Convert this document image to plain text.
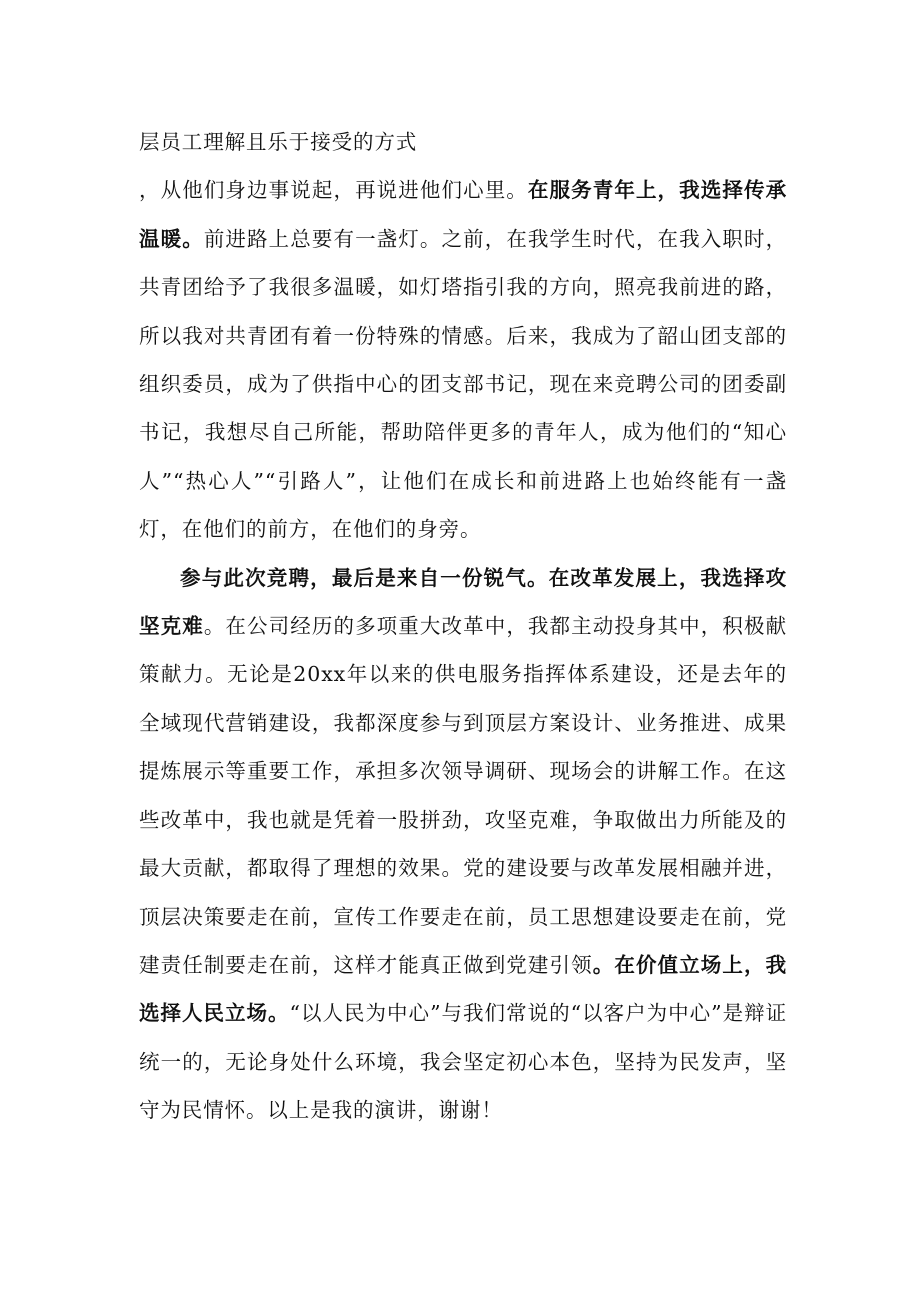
层员工理解且乐于接受的方式

，从他们身边事说起，再说进他们心里。在服务青年上，我选择传承温暖。前进路上总要有一盏灯。之前，在我学生时代，在我入职时，共青团给予了我很多温暖，如灯塔指引我的方向，照亮我前进的路，所以我对共青团有着一份特殊的情感。后来，我成为了韶山团支部的组织委员，成为了供指中心的团支部书记，现在来竞聘公司的团委副书记，我想尽自己所能，帮助陪伴更多的青年人，成为他们的“知心人”“热心人”“引路人”，让他们在成长和前进路上也始终能有一盏灯，在他们的前方，在他们的身旁。

参与此次竞聘，最后是来自一份锐气。在改革发展上，我选择攻坚克难。在公司经历的多项重大改革中，我都主动投身其中，积极献策献力。无论是20xx年以来的供电服务指挥体系建设，还是去年的全域现代营销建设，我都深度参与到顶层方案设计、业务推进、成果提炼展示等重要工作，承担多次领导调研、现场会的讲解工作。在这些改革中，我也就是凭着一股拼劲，攻坚克难，争取做出力所能及的最大贡献，都取得了理想的效果。党的建设要与改革发展相融并进，顶层决策要走在前，宣传工作要走在前，员工思想建设要走在前，党建责任制要走在前，这样才能真正做到党建引领。在价值立场上，我选择人民立场。“以人民为中心”与我们常说的“以客户为中心”是辩证统一的，无论身处什么环境，我会坚定初心本色，坚持为民发声，坚守为民情怀。以上是我的演讲，谢谢！
